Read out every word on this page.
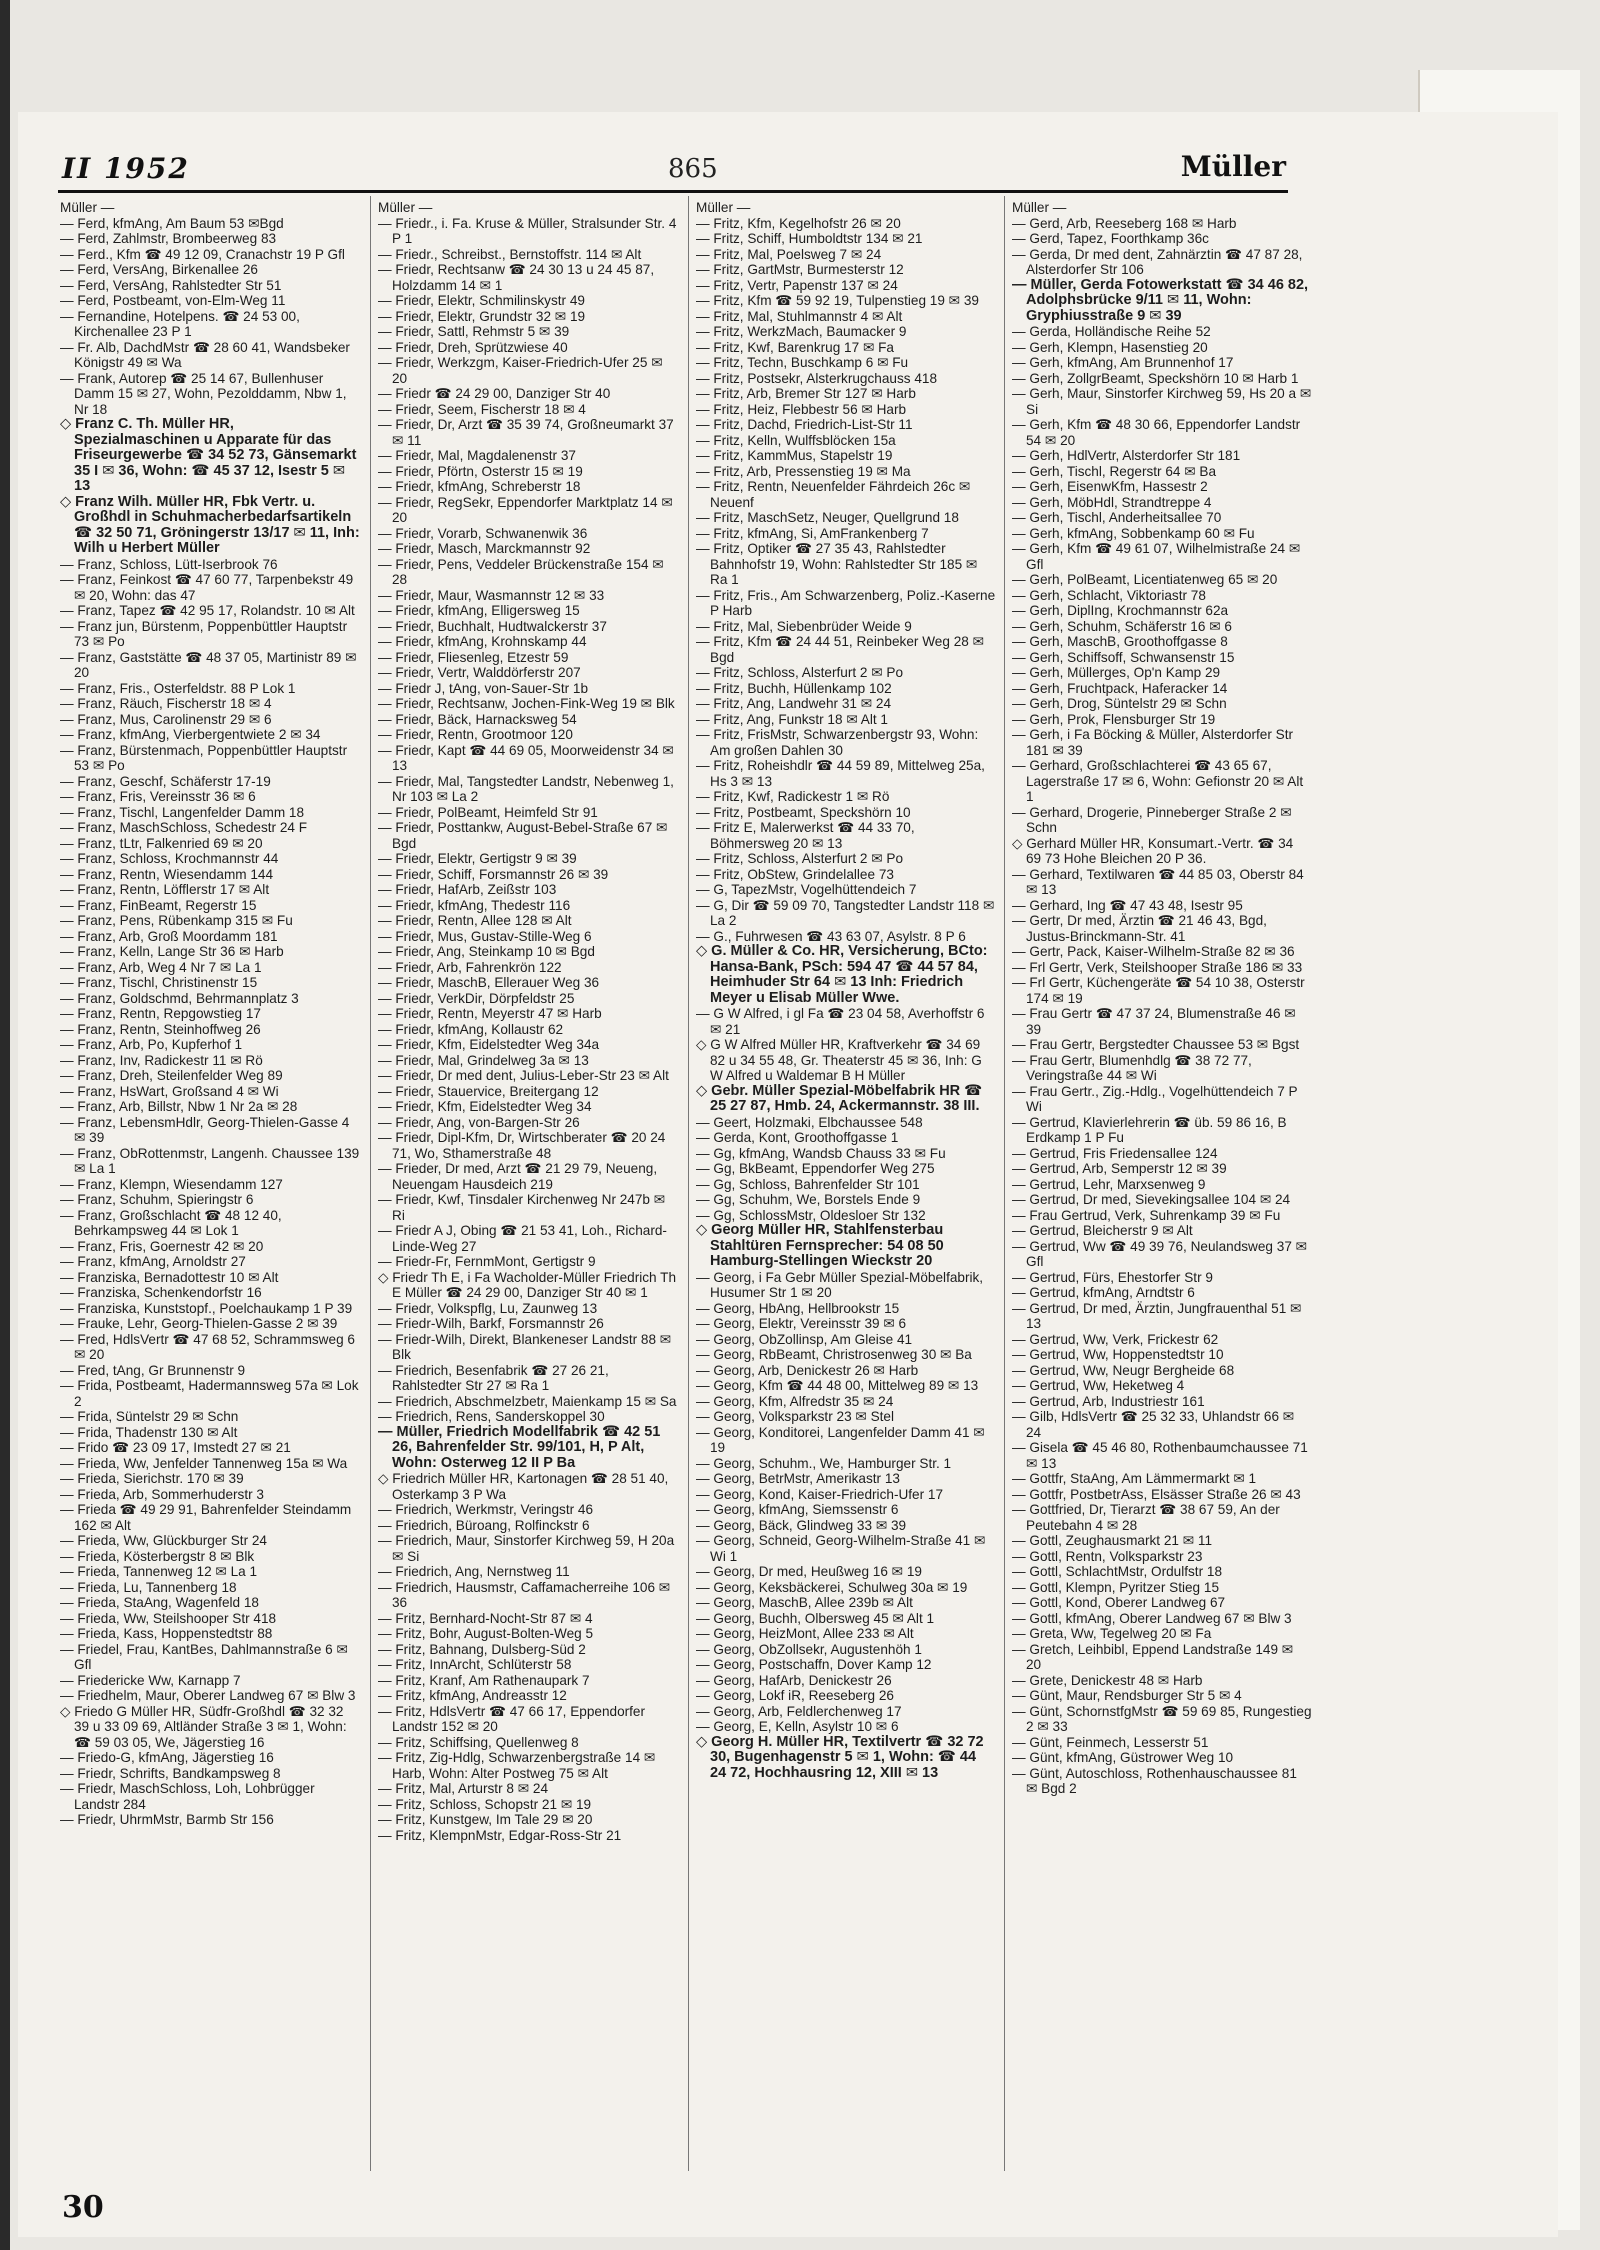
II 1952	865	Müller

Müller —

— Ferd, kfmAng, Am Baum 53 ✉Bgd

— Ferd, Zahlmstr, Brombeerweg 83

— Ferd., Kfm ☎ 49 12 09, Cranachstr 19 P Gfl

— Ferd, VersAng, Birkenallee 26

— Ferd, VersAng, Rahlstedter Str 51

— Ferd, Postbeamt, von-Elm-Weg 11

— Fernandine, Hotelpens. ☎ 24 53 00, Kirchenallee 23 P 1

— Fr. Alb, DachdMstr ☎ 28 60 41, Wandsbeker Königstr 49 ✉ Wa

— Frank, Autorep ☎ 25 14 67, Bullenhuser Damm 15 ✉ 27, Wohn, Pezolddamm, Nbw 1, Nr 18

◇ Franz C. Th. Müller HR, Spezialmaschinen u Apparate für das Friseurgewerbe ☎ 34 52 73, Gänsemarkt 35 I ✉ 36, Wohn: ☎ 45 37 12, Isestr 5 ✉ 13

◇ Franz Wilh. Müller HR, Fbk Vertr. u. Großhdl in Schuhmacherbedarfsartikeln ☎ 32 50 71, Gröningerstr 13/17 ✉ 11, Inh: Wilh u Herbert Müller

— Franz, Schloss, Lütt-Iserbrook 76

— Franz, Feinkost ☎ 47 60 77, Tarpenbekstr 49 ✉ 20, Wohn: das 47

— Franz, Tapez ☎ 42 95 17, Rolandstr. 10 ✉ Alt

— Franz jun, Bürstenm, Poppenbüttler Hauptstr 73 ✉ Po

— Franz, Gaststätte ☎ 48 37 05, Martinistr 89 ✉ 20

— Franz, Fris., Osterfeldstr. 88 P Lok 1

— Franz, Räuch, Fischerstr 18 ✉ 4

— Franz, Mus, Carolinenstr 29 ✉ 6

— Franz, kfmAng, Vierbergentwiete 2 ✉ 34

— Franz, Bürstenmach, Poppenbüttler Hauptstr 53 ✉ Po

— Franz, Geschf, Schäferstr 17-19

— Franz, Fris, Vereinsstr 36 ✉ 6

— Franz, Tischl, Langenfelder Damm 18

— Franz, MaschSchloss, Schedestr 24 F

— Franz, tLtr, Falkenried 69 ✉ 20

— Franz, Schloss, Krochmannstr 44

— Franz, Rentn, Wiesendamm 144

— Franz, Rentn, Löfflerstr 17 ✉ Alt

— Franz, FinBeamt, Regerstr 15

— Franz, Pens, Rübenkamp 315 ✉ Fu

— Franz, Arb, Groß Moordamm 181

— Franz, Kelln, Lange Str 36 ✉ Harb

— Franz, Arb, Weg 4 Nr 7 ✉ La 1

— Franz, Tischl, Christinenstr 15

— Franz, Goldschmd, Behrmannplatz 3

— Franz, Rentn, Repgowstieg 17

— Franz, Rentn, Steinhoffweg 26

— Franz, Arb, Po, Kupferhof 1

— Franz, Inv, Radickestr 11 ✉ Rö

— Franz, Dreh, Steilenfelder Weg 89

— Franz, HsWart, Großsand 4 ✉ Wi

— Franz, Arb, Billstr, Nbw 1 Nr 2a ✉ 28

— Franz, LebensmHdlr, Georg-Thielen-Gasse 4 ✉ 39

— Franz, ObRottenmstr, Langenh. Chaussee 139 ✉ La 1

— Franz, Klempn, Wiesendamm 127

— Franz, Schuhm, Spieringstr 6

— Franz, Großschlacht ☎ 48 12 40, Behrkampsweg 44 ✉ Lok 1

— Franz, Fris, Goernestr 42 ✉ 20

— Franz, kfmAng, Arnoldstr 27

— Franziska, Bernadottestr 10 ✉ Alt

— Franziska, Schenkendorfstr 16

— Franziska, Kunststopf., Poelchaukamp 1 P 39

— Frauke, Lehr, Georg-Thielen-Gasse 2 ✉ 39

— Fred, HdlsVertr ☎ 47 68 52, Schrammsweg 6 ✉ 20

— Fred, tAng, Gr Brunnenstr 9

— Frida, Postbeamt, Hadermannsweg 57a ✉ Lok 2

— Frida, Süntelstr 29 ✉ Schn

— Frida, Thadenstr 130 ✉ Alt

— Frido ☎ 23 09 17, Imstedt 27 ✉ 21

— Frieda, Ww, Jenfelder Tannenweg 15a ✉ Wa

— Frieda, Sierichstr. 170 ✉ 39

— Frieda, Arb, Sommerhuderstr 3

— Frieda ☎ 49 29 91, Bahrenfelder Steindamm 162 ✉ Alt

— Frieda, Ww, Glückburger Str 24

— Frieda, Kösterbergstr 8 ✉ Blk

— Frieda, Tannenweg 12 ✉ La 1

— Frieda, Lu, Tannenberg 18

— Frieda, StaAng, Wagenfeld 18

— Frieda, Ww, Steilshooper Str 418

— Frieda, Kass, Hoppenstedtstr 88

— Friedel, Frau, KantBes, Dahlmannstraße 6 ✉ Gfl

— Friedericke Ww, Karnapp 7

— Friedhelm, Maur, Oberer Landweg 67 ✉ Blw 3

◇ Friedo G Müller HR, Südfr-Großhdl ☎ 32 32 39 u 33 09 69, Altländer Straße 3 ✉ 1, Wohn: ☎ 59 03 05, We, Jägerstieg 16

— Friedo-G, kfmAng, Jägerstieg 16

— Friedr, Schrifts, Bandkampsweg 8

— Friedr, MaschSchloss, Loh, Lohbrügger Landstr 284

— Friedr, UhrmMstr, Barmb Str 156

Müller —

— Friedr., i. Fa. Kruse & Müller, Stralsunder Str. 4 P 1

— Friedr., Schreibst., Bernstoffstr. 114 ✉ Alt

— Friedr, Rechtsanw ☎ 24 30 13 u 24 45 87, Holzdamm 14 ✉ 1

— Friedr, Elektr, Schmilinskystr 49

— Friedr, Elektr, Grundstr 32 ✉ 19

— Friedr, Sattl, Rehmstr 5 ✉ 39

— Friedr, Dreh, Sprützwiese 40

— Friedr, Werkzgm, Kaiser-Friedrich-Ufer 25 ✉ 20

— Friedr ☎ 24 29 00, Danziger Str 40

— Friedr, Seem, Fischerstr 18 ✉ 4

— Friedr, Dr, Arzt ☎ 35 39 74, Großneumarkt 37 ✉ 11

— Friedr, Mal, Magdalenenstr 37

— Friedr, Pförtn, Osterstr 15 ✉ 19

— Friedr, kfmAng, Schreberstr 18

— Friedr, RegSekr, Eppendorfer Marktplatz 14 ✉ 20

— Friedr, Vorarb, Schwanenwik 36

— Friedr, Masch, Marckmannstr 92

— Friedr, Pens, Veddeler Brückenstraße 154 ✉ 28

— Friedr, Maur, Wasmannstr 12 ✉ 33

— Friedr, kfmAng, Elligersweg 15

— Friedr, Buchhalt, Hudtwalckerstr 37

— Friedr, kfmAng, Krohnskamp 44

— Friedr, Fliesenleg, Etzestr 59

— Friedr, Vertr, Walddörferstr 207

— Friedr J, tAng, von-Sauer-Str 1b

— Friedr, Rechtsanw, Jochen-Fink-Weg 19 ✉ Blk

— Friedr, Bäck, Harnacksweg 54

— Friedr, Rentn, Grootmoor 120

— Friedr, Kapt ☎ 44 69 05, Moorweidenstr 34 ✉ 13

— Friedr, Mal, Tangstedter Landstr, Nebenweg 1, Nr 103 ✉ La 2

— Friedr, PolBeamt, Heimfeld Str 91

— Friedr, Posttankw, August-Bebel-Straße 67 ✉ Bgd

— Friedr, Elektr, Gertigstr 9 ✉ 39

— Friedr, Schiff, Forsmannstr 26 ✉ 39

— Friedr, HafArb, Zeißstr 103

— Friedr, kfmAng, Thedestr 116

— Friedr, Rentn, Allee 128 ✉ Alt

— Friedr, Mus, Gustav-Stille-Weg 6

— Friedr, Ang, Steinkamp 10 ✉ Bgd

— Friedr, Arb, Fahrenkrön 122

— Friedr, MaschB, Ellerauer Weg 36

— Friedr, VerkDir, Dörpfeldstr 25

— Friedr, Rentn, Meyerstr 47 ✉ Harb

— Friedr, kfmAng, Kollaustr 62

— Friedr, Kfm, Eidelstedter Weg 34a

— Friedr, Mal, Grindelweg 3a ✉ 13

— Friedr, Dr med dent, Julius-Leber-Str 23 ✉ Alt

— Friedr, Stauervice, Breitergang 12

— Friedr, Kfm, Eidelstedter Weg 34

— Friedr, Ang, von-Bargen-Str 26

— Friedr, Dipl-Kfm, Dr, Wirtschberater ☎ 20 24 71, Wo, Sthamerstraße 48

— Frieder, Dr med, Arzt ☎ 21 29 79, Neueng, Neuengam Hausdeich 219

— Friedr, Kwf, Tinsdaler Kirchenweg Nr 247b ✉ Ri

— Friedr A J, Obing ☎ 21 53 41, Loh., Richard-Linde-Weg 27

— Friedr-Fr, FernmMont, Gertigstr 9

◇ Friedr Th E, i Fa Wacholder-Müller Friedrich Th E Müller ☎ 24 29 00, Danziger Str 40 ✉ 1

— Friedr, Volkspflg, Lu, Zaunweg 13

— Friedr-Wilh, Barkf, Forsmannstr 26

— Friedr-Wilh, Direkt, Blankeneser Landstr 88 ✉ Blk

— Friedrich, Besenfabrik ☎ 27 26 21, Rahlstedter Str 27 ✉ Ra 1

— Friedrich, Abschmelzbetr, Maienkamp 15 ✉ Sa

— Friedrich, Rens, Sanderskoppel 30

— Müller, Friedrich Modellfabrik ☎ 42 51 26, Bahrenfelder Str. 99/101, H, P Alt, Wohn: Osterweg 12 II P Ba

◇ Friedrich Müller HR, Kartonagen ☎ 28 51 40, Osterkamp 3 P Wa

— Friedrich, Werkmstr, Veringstr 46

— Friedrich, Büroang, Rolfinckstr 6

— Friedrich, Maur, Sinstorfer Kirchweg 59, H 20a ✉ Si

— Friedrich, Ang, Nernstweg 11

— Friedrich, Hausmstr, Caffamacherreihe 106 ✉ 36

— Fritz, Bernhard-Nocht-Str 87 ✉ 4

— Fritz, Bohr, August-Bolten-Weg 5

— Fritz, Bahnang, Dulsberg-Süd 2

— Fritz, InnArcht, Schlüterstr 58

— Fritz, Kranf, Am Rathenaupark 7

— Fritz, kfmAng, Andreasstr 12

— Fritz, HdlsVertr ☎ 47 66 17, Eppendorfer Landstr 152 ✉ 20

— Fritz, Schiffsing, Quellenweg 8

— Fritz, Zig-Hdlg, Schwarzenbergstraße 14 ✉ Harb, Wohn: Alter Postweg 75 ✉ Alt

— Fritz, Mal, Arturstr 8 ✉ 24

— Fritz, Schloss, Schopstr 21 ✉ 19

— Fritz, Kunstgew, Im Tale 29 ✉ 20

— Fritz, KlempnMstr, Edgar-Ross-Str 21

Müller —

— Fritz, Kfm, Kegelhofstr 26 ✉ 20

— Fritz, Schiff, Humboldtstr 134 ✉ 21

— Fritz, Mal, Poelsweg 7 ✉ 24

— Fritz, GartMstr, Burmesterstr 12

— Fritz, Vertr, Papenstr 137 ✉ 24

— Fritz, Kfm ☎ 59 92 19, Tulpenstieg 19 ✉ 39

— Fritz, Mal, Stuhlmannstr 4 ✉ Alt

— Fritz, WerkzMach, Baumacker 9

— Fritz, Kwf, Barenkrug 17 ✉ Fa

— Fritz, Techn, Buschkamp 6 ✉ Fu

— Fritz, Postsekr, Alsterkrugchauss 418

— Fritz, Arb, Bremer Str 127 ✉ Harb

— Fritz, Heiz, Flebbestr 56 ✉ Harb

— Fritz, Dachd, Friedrich-List-Str 11

— Fritz, Kelln, Wulffsblöcken 15a

— Fritz, KammMus, Stapelstr 19

— Fritz, Arb, Pressenstieg 19 ✉ Ma

— Fritz, Rentn, Neuenfelder Fährdeich 26c ✉ Neuenf

— Fritz, MaschSetz, Neuger, Quellgrund 18

— Fritz, kfmAng, Si, AmFrankenberg 7

— Fritz, Optiker ☎ 27 35 43, Rahlstedter Bahnhofstr 19, Wohn: Rahlstedter Str 185 ✉ Ra 1

— Fritz, Fris., Am Schwarzenberg, Poliz.-Kaserne P Harb

— Fritz, Mal, Siebenbrüder Weide 9

— Fritz, Kfm ☎ 24 44 51, Reinbeker Weg 28 ✉ Bgd

— Fritz, Schloss, Alsterfurt 2 ✉ Po

— Fritz, Buchh, Hüllenkamp 102

— Fritz, Ang, Landwehr 31 ✉ 24

— Fritz, Ang, Funkstr 18 ✉ Alt 1

— Fritz, FrisMstr, Schwarzenbergstr 93, Wohn: Am großen Dahlen 30

— Fritz, Roheishdlr ☎ 44 59 89, Mittelweg 25a, Hs 3 ✉ 13

— Fritz, Kwf, Radickestr 1 ✉ Rö

— Fritz, Postbeamt, Speckshörn 10

— Fritz E, Malerwerkst ☎ 44 33 70, Böhmersweg 20 ✉ 13

— Fritz, Schloss, Alsterfurt 2 ✉ Po

— Fritz, ObStew, Grindelallee 73

— G, TapezMstr, Vogelhüttendeich 7

— G, Dir ☎ 59 09 70, Tangstedter Landstr 118 ✉ La 2

— G., Fuhrwesen ☎ 43 63 07, Asylstr. 8 P 6

◇ G. Müller & Co. HR, Versicherung, BCto: Hansa-Bank, PSch: 594 47 ☎ 44 57 84, Heimhuder Str 64 ✉ 13 Inh: Friedrich Meyer u Elisab Müller Wwe.

— G W Alfred, i gl Fa ☎ 23 04 58, Averhoffstr 6 ✉ 21

◇ G W Alfred Müller HR, Kraftverkehr ☎ 34 69 82 u 34 55 48, Gr. Theaterstr 45 ✉ 36, Inh: G W Alfred u Waldemar B H Müller

◇ Gebr. Müller Spezial-Möbelfabrik HR ☎ 25 27 87, Hmb. 24, Ackermannstr. 38 III.

— Geert, Holzmaki, Elbchaussee 548

— Gerda, Kont, Groothoffgasse 1

— Gg, kfmAng, Wandsb Chauss 33 ✉ Fu

— Gg, BkBeamt, Eppendorfer Weg 275

— Gg, Schloss, Bahrenfelder Str 101

— Gg, Schuhm, We, Borstels Ende 9

— Gg, SchlossMstr, Oldesloer Str 132

◇ Georg Müller HR, Stahlfensterbau Stahltüren Fernsprecher: 54 08 50 Hamburg-Stellingen Wieckstr 20

— Georg, i Fa Gebr Müller Spezial-Möbelfabrik, Husumer Str 1 ✉ 20

— Georg, HbAng, Hellbrookstr 15

— Georg, Elektr, Vereinsstr 39 ✉ 6

— Georg, ObZollinsp, Am Gleise 41

— Georg, RbBeamt, Christrosenweg 30 ✉ Ba

— Georg, Arb, Denickestr 26 ✉ Harb

— Georg, Kfm ☎ 44 48 00, Mittelweg 89 ✉ 13

— Georg, Kfm, Alfredstr 35 ✉ 24

— Georg, Volksparkstr 23 ✉ Stel

— Georg, Konditorei, Langenfelder Damm 41 ✉ 19

— Georg, Schuhm., We, Hamburger Str. 1

— Georg, BetrMstr, Amerikastr 13

— Georg, Kond, Kaiser-Friedrich-Ufer 17

— Georg, kfmAng, Siemssenstr 6

— Georg, Bäck, Glindweg 33 ✉ 39

— Georg, Schneid, Georg-Wilhelm-Straße 41 ✉ Wi 1

— Georg, Dr med, Heußweg 16 ✉ 19

— Georg, Keksbäckerei, Schulweg 30a ✉ 19

— Georg, MaschB, Allee 239b ✉ Alt

— Georg, Buchh, Olbersweg 45 ✉ Alt 1

— Georg, HeizMont, Allee 233 ✉ Alt

— Georg, ObZollsekr, Augustenhöh 1

— Georg, Postschaffn, Dover Kamp 12

— Georg, HafArb, Denickestr 26

— Georg, Lokf iR, Reeseberg 26

— Georg, Arb, Feldlerchenweg 17

— Georg, E, Kelln, Asylstr 10 ✉ 6

◇ Georg H. Müller HR, Textilvertr ☎ 32 72 30, Bugenhagenstr 5 ✉ 1, Wohn: ☎ 44 24 72, Hochhausring 12, XIII ✉ 13

Müller —

— Gerd, Arb, Reeseberg 168 ✉ Harb

— Gerd, Tapez, Foorthkamp 36c

— Gerda, Dr med dent, Zahnärztin ☎ 47 87 28, Alsterdorfer Str 106

— Müller, Gerda Fotowerkstatt ☎ 34 46 82, Adolphsbrücke 9/11 ✉ 11, Wohn: Gryphiusstraße 9 ✉ 39

— Gerda, Holländische Reihe 52

— Gerh, Klempn, Hasenstieg 20

— Gerh, kfmAng, Am Brunnenhof 17

— Gerh, ZollgrBeamt, Speckshörn 10 ✉ Harb 1

— Gerh, Maur, Sinstorfer Kirchweg 59, Hs 20 a ✉ Si

— Gerh, Kfm ☎ 48 30 66, Eppendorfer Landstr 54 ✉ 20

— Gerh, HdlVertr, Alsterdorfer Str 181

— Gerh, Tischl, Regerstr 64 ✉ Ba

— Gerh, EisenwKfm, Hassestr 2

— Gerh, MöbHdl, Strandtreppe 4

— Gerh, Tischl, Anderheitsallee 70

— Gerh, kfmAng, Sobbenkamp 60 ✉ Fu

— Gerh, Kfm ☎ 49 61 07, Wilhelmistraße 24 ✉ Gfl

— Gerh, PolBeamt, Licentiatenweg 65 ✉ 20

— Gerh, Schlacht, Viktoriastr 78

— Gerh, DiplIng, Krochmannstr 62a

— Gerh, Schuhm, Schäferstr 16 ✉ 6

— Gerh, MaschB, Groothoffgasse 8

— Gerh, Schiffsoff, Schwansenstr 15

— Gerh, Müllerges, Op'n Kamp 29

— Gerh, Fruchtpack, Haferacker 14

— Gerh, Drog, Süntelstr 29 ✉ Schn

— Gerh, Prok, Flensburger Str 19

— Gerh, i Fa Böcking & Müller, Alsterdorfer Str 181 ✉ 39

— Gerhard, Großschlachterei ☎ 43 65 67, Lagerstraße 17 ✉ 6, Wohn: Gefionstr 20 ✉ Alt 1

— Gerhard, Drogerie, Pinneberger Straße 2 ✉ Schn

◇ Gerhard Müller HR, Konsumart.-Vertr. ☎ 34 69 73 Hohe Bleichen 20 P 36.

— Gerhard, Textilwaren ☎ 44 85 03, Oberstr 84 ✉ 13

— Gerhard, Ing ☎ 47 43 48, Isestr 95

— Gertr, Dr med, Ärztin ☎ 21 46 43, Bgd, Justus-Brinckmann-Str. 41

— Gertr, Pack, Kaiser-Wilhelm-Straße 82 ✉ 36

— Frl Gertr, Verk, Steilshooper Straße 186 ✉ 33

— Frl Gertr, Küchengeräte ☎ 54 10 38, Osterstr 174 ✉ 19

— Frau Gertr ☎ 47 37 24, Blumenstraße 46 ✉ 39

— Frau Gertr, Bergstedter Chaussee 53 ✉ Bgst

— Frau Gertr, Blumenhdlg ☎ 38 72 77, Veringstraße 44 ✉ Wi

— Frau Gertr., Zig.-Hdlg., Vogelhüttendeich 7 P Wi

— Gertrud, Klavierlehrerin ☎ üb. 59 86 16, B Erdkamp 1 P Fu

— Gertrud, Fris Friedensallee 124

— Gertrud, Arb, Semperstr 12 ✉ 39

— Gertrud, Lehr, Marxsenweg 9

— Gertrud, Dr med, Sievekingsallee 104 ✉ 24

— Frau Gertrud, Verk, Suhrenkamp 39 ✉ Fu

— Gertrud, Bleicherstr 9 ✉ Alt

— Gertrud, Ww ☎ 49 39 76, Neulandsweg 37 ✉ Gfl

— Gertrud, Fürs, Ehestorfer Str 9

— Gertrud, kfmAng, Arndtstr 6

— Gertrud, Dr med, Ärztin, Jungfrauenthal 51 ✉ 13

— Gertrud, Ww, Verk, Frickestr 62

— Gertrud, Ww, Hoppenstedtstr 10

— Gertrud, Ww, Neugr Bergheide 68

— Gertrud, Ww, Heketweg 4

— Gertrud, Arb, Industriestr 161

— Gilb, HdlsVertr ☎ 25 32 33, Uhlandstr 66 ✉ 24

— Gisela ☎ 45 46 80, Rothenbaumchaussee 71 ✉ 13

— Gottfr, StaAng, Am Lämmermarkt ✉ 1

— Gottfr, PostbetrAss, Elsässer Straße 26 ✉ 43

— Gottfried, Dr, Tierarzt ☎ 38 67 59, An der Peutebahn 4 ✉ 28

— Gottl, Zeughausmarkt 21 ✉ 11

— Gottl, Rentn, Volksparkstr 23

— Gottl, SchlachtMstr, Ordulfstr 18

— Gottl, Klempn, Pyritzer Stieg 15

— Gottl, Kond, Oberer Landweg 67

— Gottl, kfmAng, Oberer Landweg 67 ✉ Blw 3

— Greta, Ww, Tegelweg 20 ✉ Fa

— Gretch, Leihbibl, Eppend Landstraße 149 ✉ 20

— Grete, Denickestr 48 ✉ Harb

— Günt, Maur, Rendsburger Str 5 ✉ 4

— Günt, SchornstfgMstr ☎ 59 69 85, Rungestieg 2 ✉ 33

— Günt, Feinmech, Lesserstr 51

— Günt, kfmAng, Güstrower Weg 10

— Günt, Autoschloss, Rothenhauschaussee 81 ✉ Bgd 2

30
